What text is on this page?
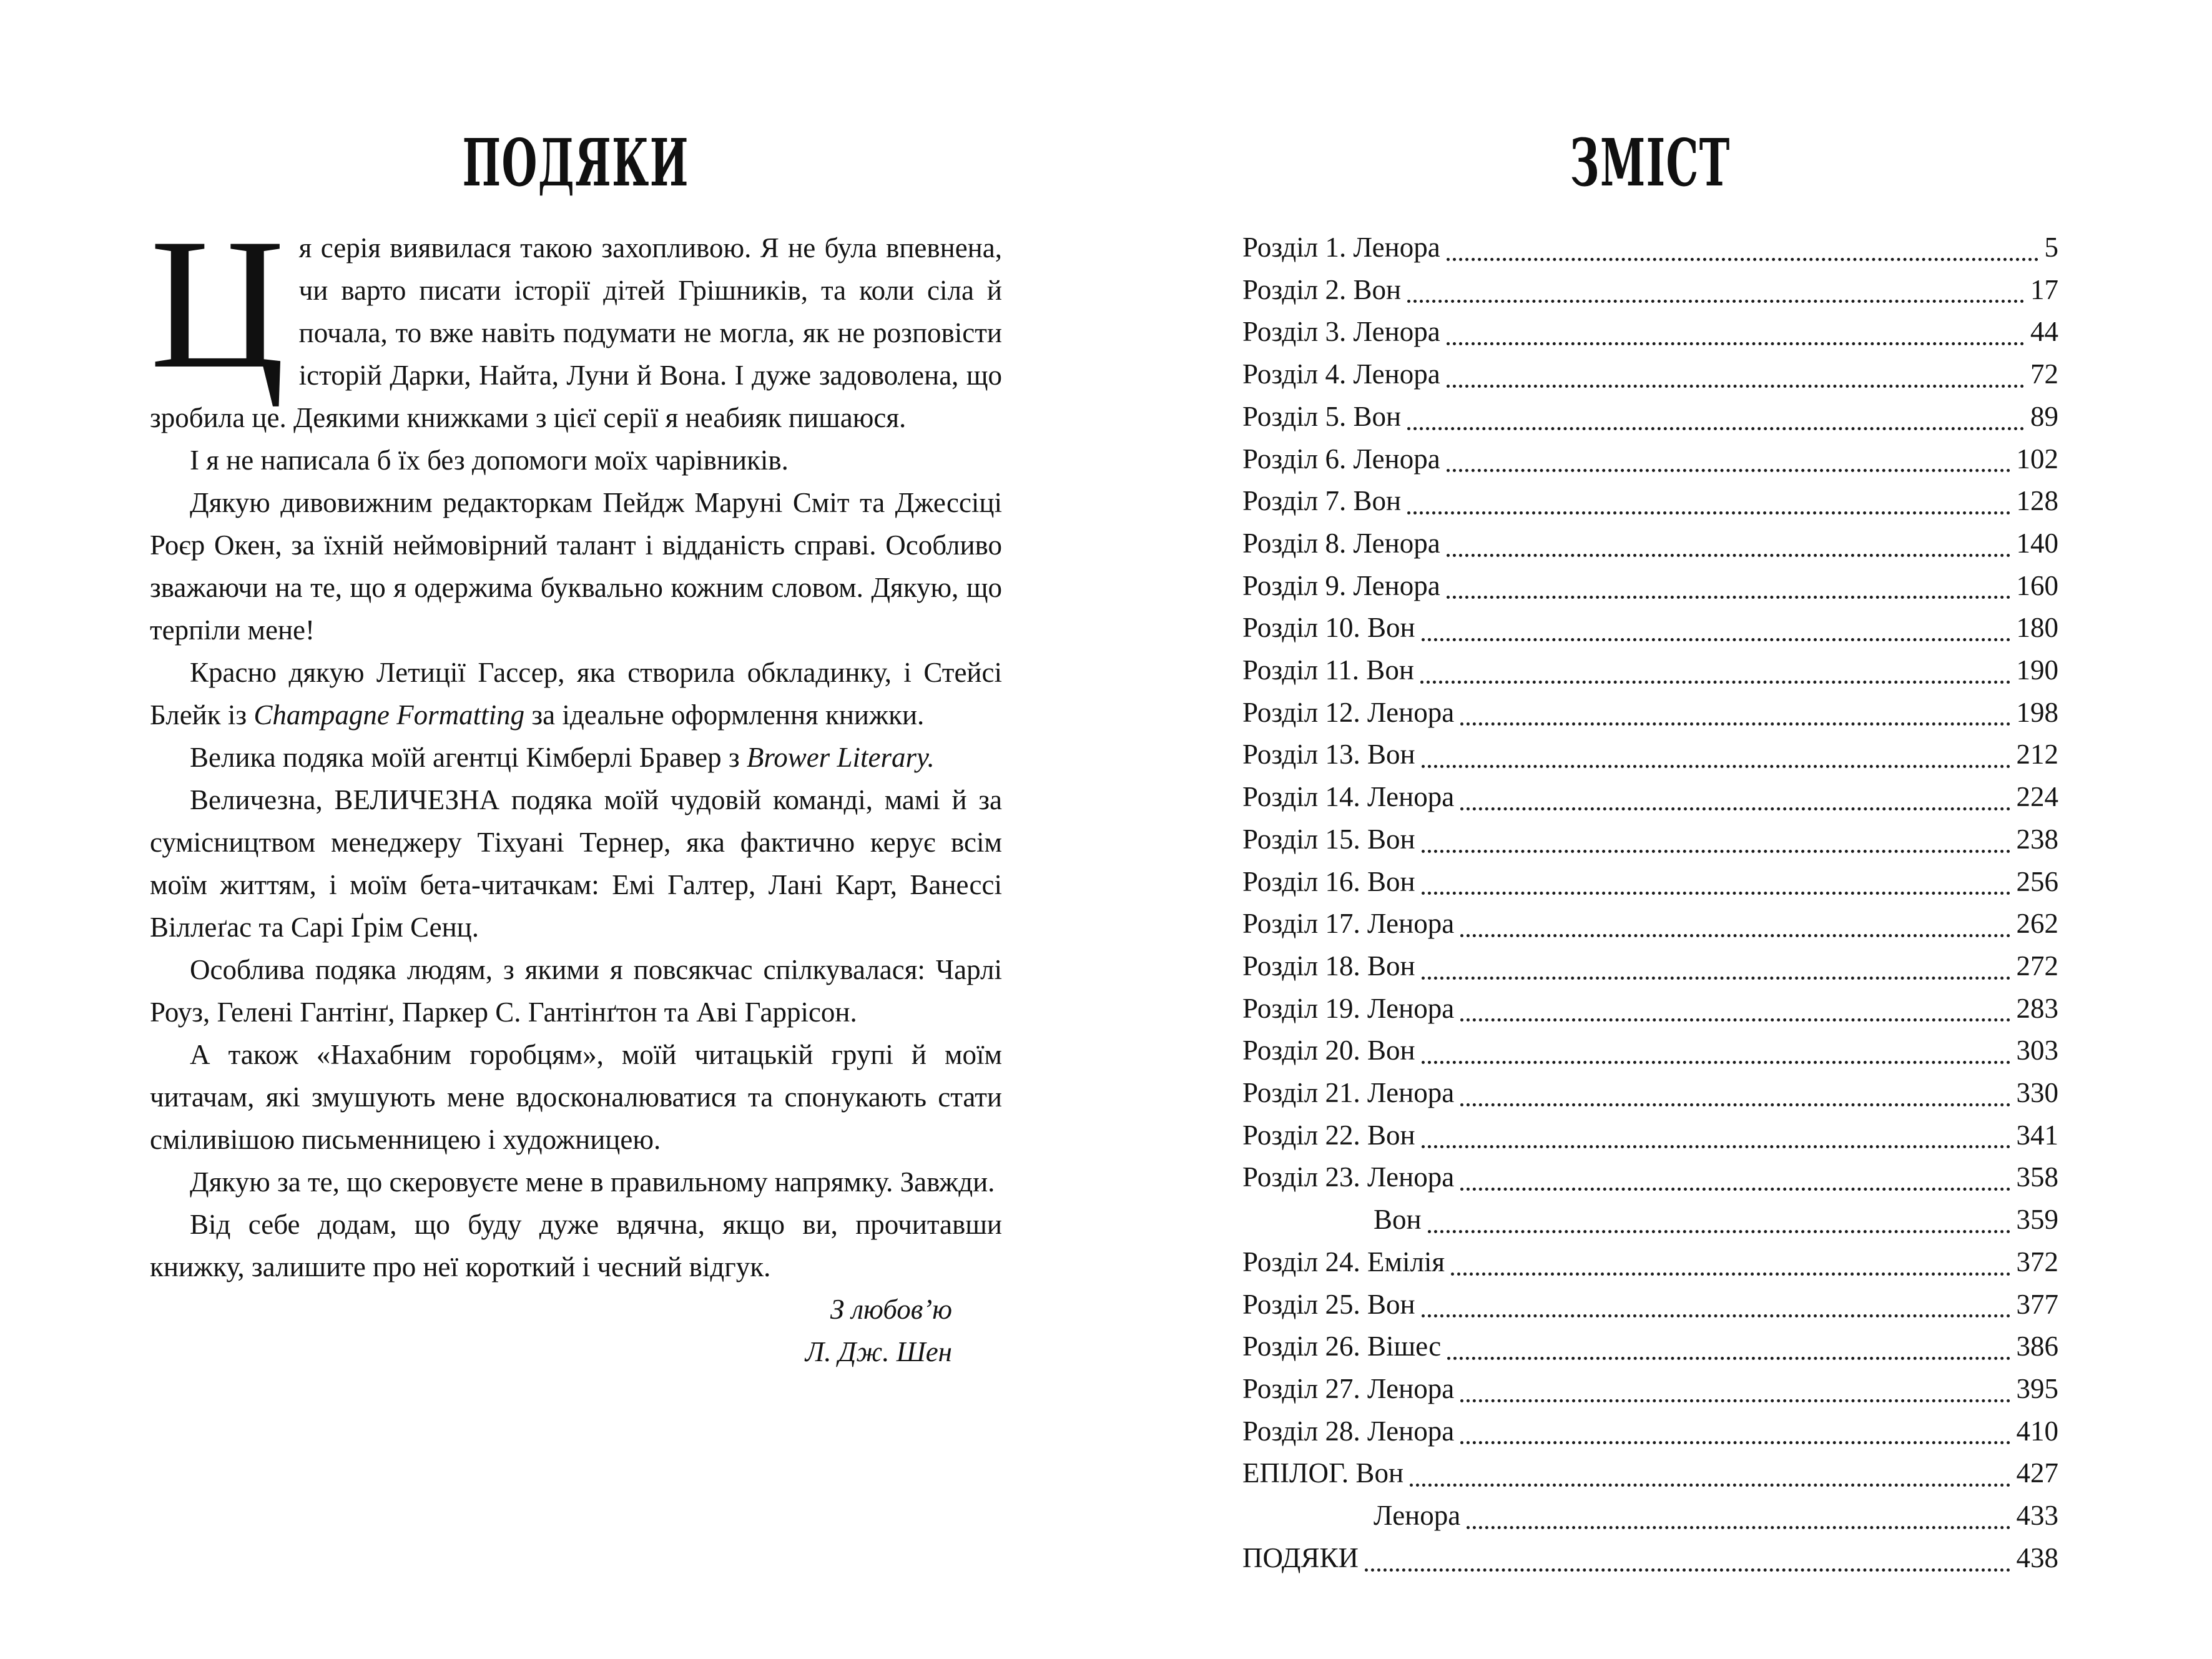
ПОДЯКИ

Ця серія виявилася такою захопливою. Я не була впевнена, чи варто писати історії дітей Грішників, та коли сіла й почала, то вже навіть подумати не могла, як не розповісти історій Дарки, Найта, Луни й Вона. І дуже задоволена, що зробила це. Деякими книжками з цієї серії я неабияк пишаюся.

І я не написала б їх без допомоги моїх чарівників.

Дякую дивовижним редакторкам Пейдж Маруні Сміт та Джессіці Роєр Окен, за їхній неймовірний талант і відданість справі. Особливо зважаючи на те, що я одержима буквально кожним словом. Дякую, що терпіли мене!

Красно дякую Летиції Гассер, яка створила обкладинку, і Стейсі Блейк із Champagne Formatting за ідеальне оформлення книжки.

Велика подяка моїй агентці Кімберлі Бравер з Brower Literary.

Величезна, ВЕЛИЧЕЗНА подяка моїй чудовій команді, мамі й за сумісництвом менеджеру Тіхуані Тернер, яка фактично керує всім моїм життям, і моїм бета-читачкам: Емі Галтер, Лані Карт, Ванессі Віллеґас та Сарі Ґрім Сенц.

Особлива подяка людям, з якими я повсякчас спілкувалася: Чарлі Роуз, Гелені Гантінґ, Паркер С. Гантінґтон та Аві Гаррісон.

А також «Нахабним горобцям», моїй читацькій групі й моїм читачам, які змушують мене вдосконалюватися та спонукають стати сміливішою письменницею і художницею.

Дякую за те, що скеровуєте мене в правильному напрямку. Завжди.

Від себе додам, що буду дуже вдячна, якщо ви, прочитавши книжку, залишите про неї короткий і чесний відгук.

З любов’ю
Л. Дж. Шен
ЗМІСТ
Розділ 1. Ленора	5
Розділ 2. Вон	17
Розділ 3. Ленора	44
Розділ 4. Ленора	72
Розділ 5. Вон	89
Розділ 6. Ленора	102
Розділ 7. Вон	128
Розділ 8. Ленора	140
Розділ 9. Ленора	160
Розділ 10. Вон	180
Розділ 11. Вон	190
Розділ 12. Ленора	198
Розділ 13. Вон	212
Розділ 14. Ленора	224
Розділ 15. Вон	238
Розділ 16. Вон	256
Розділ 17. Ленора	262
Розділ 18. Вон	272
Розділ 19. Ленора	283
Розділ 20. Вон	303
Розділ 21. Ленора	330
Розділ 22. Вон	341
Розділ 23. Ленора	358
Вон	359
Розділ 24. Емілія	372
Розділ 25. Вон	377
Розділ 26. Вішес	386
Розділ 27. Ленора	395
Розділ 28. Ленора	410
ЕПІЛОГ. Вон	427
Ленора	433
ПОДЯКИ	438
